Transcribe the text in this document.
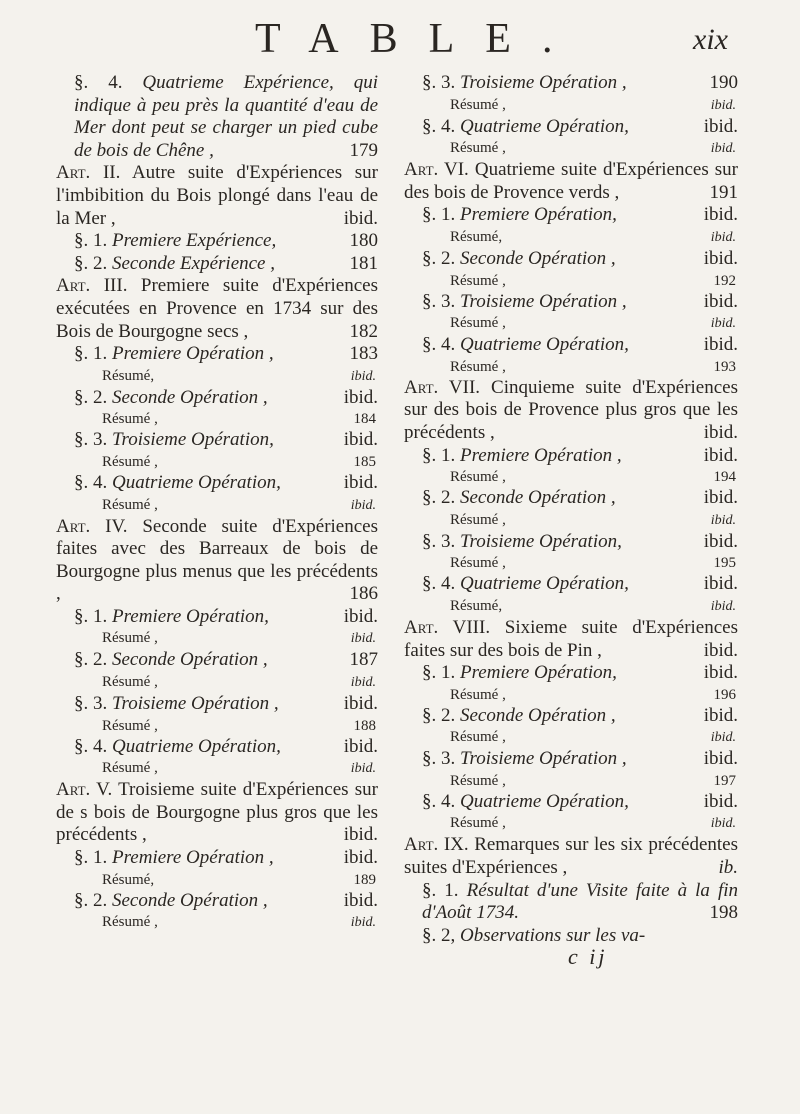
TABLE.	xix
§. 4. Quatrieme Expérience, qui indique à peu près la quantité d'eau de Mer dont peut se charger un pied cube de bois de Chêne ,	179
Art. II. Autre suite d'Expériences sur l'imbibition du Bois plongé dans l'eau de la Mer ,	ibid.
§. 1. Premiere Expérience,	180
§. 2. Seconde Expérience ,	181
Art. III. Premiere suite d'Expériences exécutées en Provence en 1734 sur des Bois de Bourgogne secs ,	182
§. 1. Premiere Opération ,	183
Résumé,	ibid.
§. 2. Seconde Opération ,	ibid.
Résumé ,	184
§. 3. Troisieme Opération,	ibid.
Résumé ,	185
§. 4. Quatrieme Opération,	ibid.
Résumé ,	ibid.
Art. IV. Seconde suite d'Expériences faites avec des Barreaux de bois de Bourgogne plus menus que les précédents ,	186
§. 1. Premiere Opération,	ibid.
Résumé ,	ibid.
§. 2. Seconde Opération ,	187
Résumé ,	ibid.
§. 3. Troisieme Opération ,	ibid.
Résumé ,	188
§. 4. Quatrieme Opération,	ibid.
Résumé ,	ibid.
Art. V. Troisieme suite d'Expériences sur de s bois de Bourgogne plus gros que les précédents ,	ibid.
§. 1. Premiere Opération ,	ibid.
Résumé,	189
§. 2. Seconde Opération ,	ibid.
Résumé ,	ibid.
§. 3. Troisieme Opération ,	190
Résumé ,	ibid.
§. 4. Quatrieme Opération,	ibid.
Résumé ,	ibid.
Art. VI. Quatrieme suite d'Expériences sur des bois de Provence verds ,	191
§. 1. Premiere Opération,	ibid.
Résumé,	ibid.
§. 2. Seconde Opération ,	ibid.
Résumé ,	192
§. 3. Troisieme Opération ,	ibid.
Résumé ,	ibid.
§. 4. Quatrieme Opération,	ibid.
Résumé ,	193
Art. VII. Cinquieme suite d'Expériences sur des bois de Provence plus gros que les précédents ,	ibid.
§. 1. Premiere Opération ,	ibid.
Résumé ,	194
§. 2. Seconde Opération ,	ibid.
Résumé ,	ibid.
§. 3. Troisieme Opération,	ibid.
Résumé ,	195
§. 4. Quatrieme Opération,	ibid.
Résumé,	ibid.
Art. VIII. Sixieme suite d'Expériences faites sur des bois de Pin ,	ibid.
§. 1. Premiere Opération,	ibid.
Résumé ,	196
§. 2. Seconde Opération ,	ibid.
Résumé ,	ibid.
§. 3. Troisieme Opération ,	ibid.
Résumé ,	197
§. 4. Quatrieme Opération,	ibid.
Résumé ,	ibid.
Art. IX. Remarques sur les six précédentes suites d'Expériences ,	ib.
§. 1. Résultat d'une Visite faite à la fin d'Août 1734.	198
§. 2, Observations sur les va-
c ij
